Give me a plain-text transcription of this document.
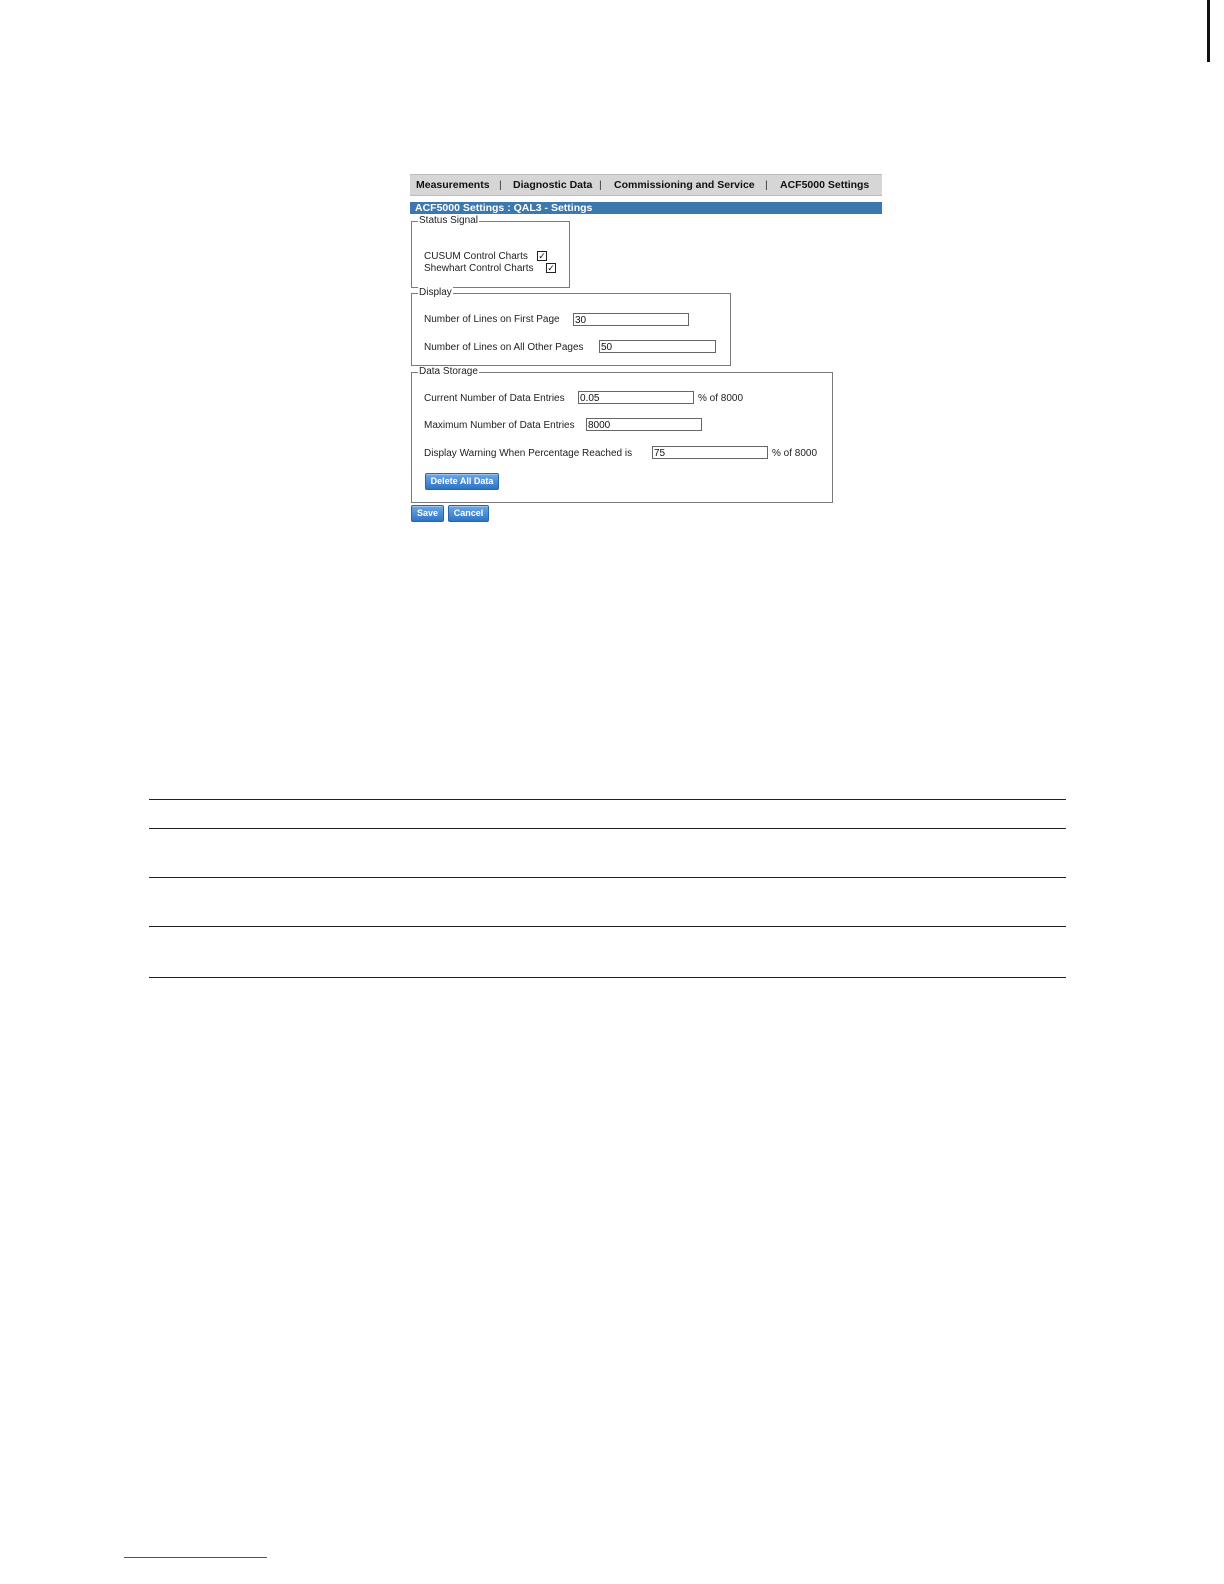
Measurements | Diagnostic Data | Commissioning and Service | ACF5000 Settings
ACF5000 Settings : QAL3 - Settings
Status Signal
CUSUM Control Charts ✓
Shewhart Control Charts ✓
Display
Number of Lines on First Page 30
Number of Lines on All Other Pages 50
Data Storage
Current Number of Data Entries 0.05	% of 8000
Maximum Number of Data Entries 8000
Display Warning When Percentage Reached is 75	% of 8000
Delete All Data
Save	Cancel
